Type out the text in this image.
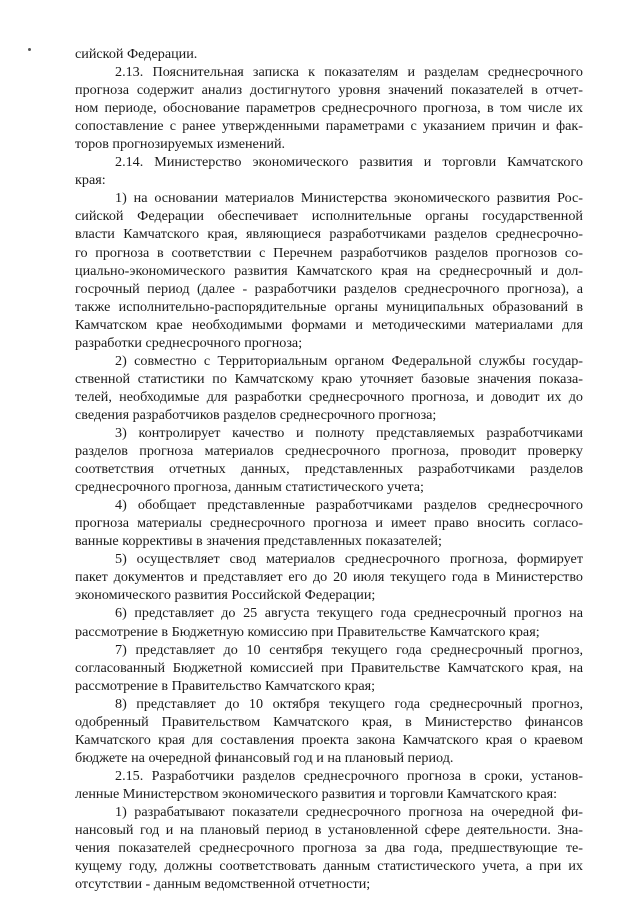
сийской Федерации.
2.13. Пояснительная записка к показателям и разделам среднесрочного
прогноза содержит анализ достигнутого уровня значений показателей в отчет-
ном периоде, обоснование параметров среднесрочного прогноза, в том числе их
сопоставление с ранее утвержденными параметрами с указанием причин и фак-
торов прогнозируемых изменений.
2.14. Министерство экономического развития и торговли Камчатского
края:
1) на основании материалов Министерства экономического развития Рос-
сийской Федерации обеспечивает исполнительные органы государственной
власти Камчатского края, являющиеся разработчиками разделов среднесрочно-
го прогноза в соответствии с Перечнем разработчиков разделов прогнозов со-
циально-экономического развития Камчатского края на среднесрочный и дол-
госрочный период (далее - разработчики разделов среднесрочного прогноза), а
также исполнительно-распорядительные органы муниципальных образований в
Камчатском крае необходимыми формами и методическими материалами для
разработки среднесрочного прогноза;
2) совместно с Территориальным органом Федеральной службы государ-
ственной статистики по Камчатскому краю уточняет базовые значения показа-
телей, необходимые для разработки среднесрочного прогноза, и доводит их до
сведения разработчиков разделов среднесрочного прогноза;
3) контролирует качество и полноту представляемых разработчиками
разделов прогноза материалов среднесрочного прогноза, проводит проверку
соответствия отчетных данных, представленных разработчиками разделов
среднесрочного прогноза, данным статистического учета;
4) обобщает представленные разработчиками разделов среднесрочного
прогноза материалы среднесрочного прогноза и имеет право вносить согласо-
ванные коррективы в значения представленных показателей;
5) осуществляет свод материалов среднесрочного прогноза, формирует
пакет документов и представляет его до 20 июля текущего года в Министерство
экономического развития Российской Федерации;
6) представляет до 25 августа текущего года среднесрочный прогноз на
рассмотрение в Бюджетную комиссию при Правительстве Камчатского края;
7) представляет до 10 сентября текущего года среднесрочный прогноз,
согласованный Бюджетной комиссией при Правительстве Камчатского края, на
рассмотрение в Правительство Камчатского края;
8) представляет до 10 октября текущего года среднесрочный прогноз,
одобренный Правительством Камчатского края, в Министерство финансов
Камчатского края для составления проекта закона Камчатского края о краевом
бюджете на очередной финансовый год и на плановый период.
2.15. Разработчики разделов среднесрочного прогноза в сроки, установ-
ленные Министерством экономического развития и торговли Камчатского края:
1) разрабатывают показатели среднесрочного прогноза на очередной фи-
нансовый год и на плановый период в установленной сфере деятельности. Зна-
чения показателей среднесрочного прогноза за два года, предшествующие те-
кущему году, должны соответствовать данным статистического учета, а при их
отсутствии - данным ведомственной отчетности;
